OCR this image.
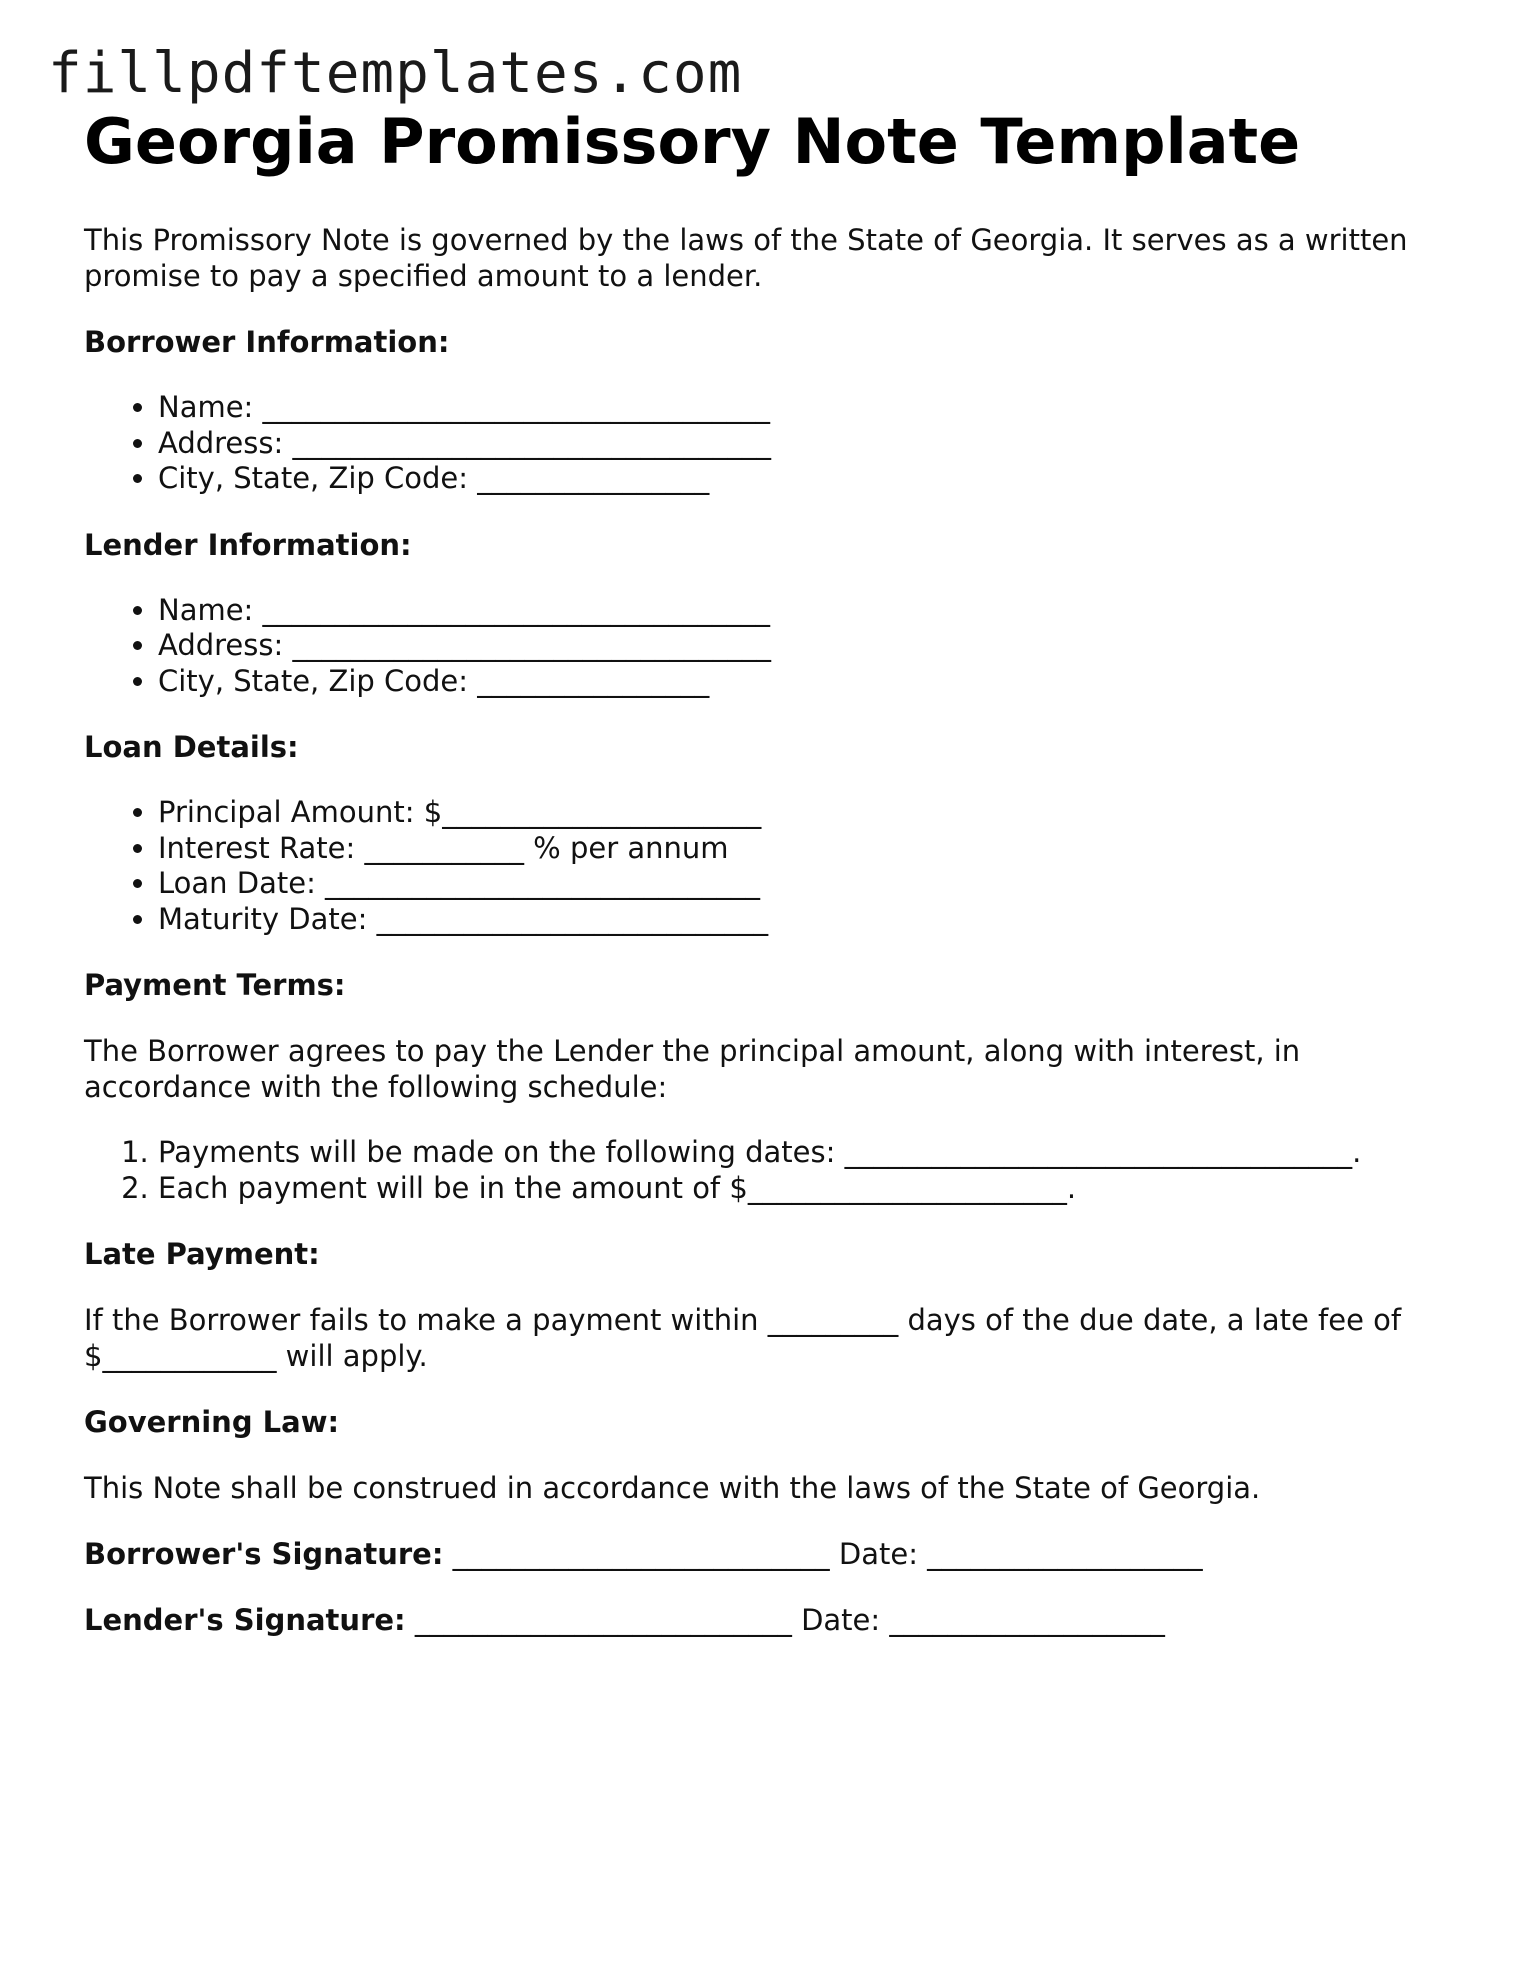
fillpdftemplates.com
Georgia Promissory Note Template

This Promissory Note is governed by the laws of the State of Georgia. It serves as a written promise to pay a specified amount to a lender.

Borrower Information:
• Name: ___________________________________
• Address: _________________________________
• City, State, Zip Code: ________________
Lender Information:
• Name: ___________________________________
• Address: _________________________________
• City, State, Zip Code: ________________
Loan Details:
• Principal Amount: $______________________
• Interest Rate: ___________ % per annum
• Loan Date: ______________________________
• Maturity Date: ___________________________
Payment Terms:

The Borrower agrees to pay the Lender the principal amount, along with interest, in accordance with the following schedule:

1. Payments will be made on the following dates: ___________________________________.
2. Each payment will be in the amount of $______________________.
Late Payment:

If the Borrower fails to make a payment within _________ days of the due date, a late fee of $____________ will apply.

Governing Law:

This Note shall be construed in accordance with the laws of the State of Georgia.

Borrower's Signature: __________________________ Date: ___________________
Lender's Signature: __________________________ Date: ___________________
